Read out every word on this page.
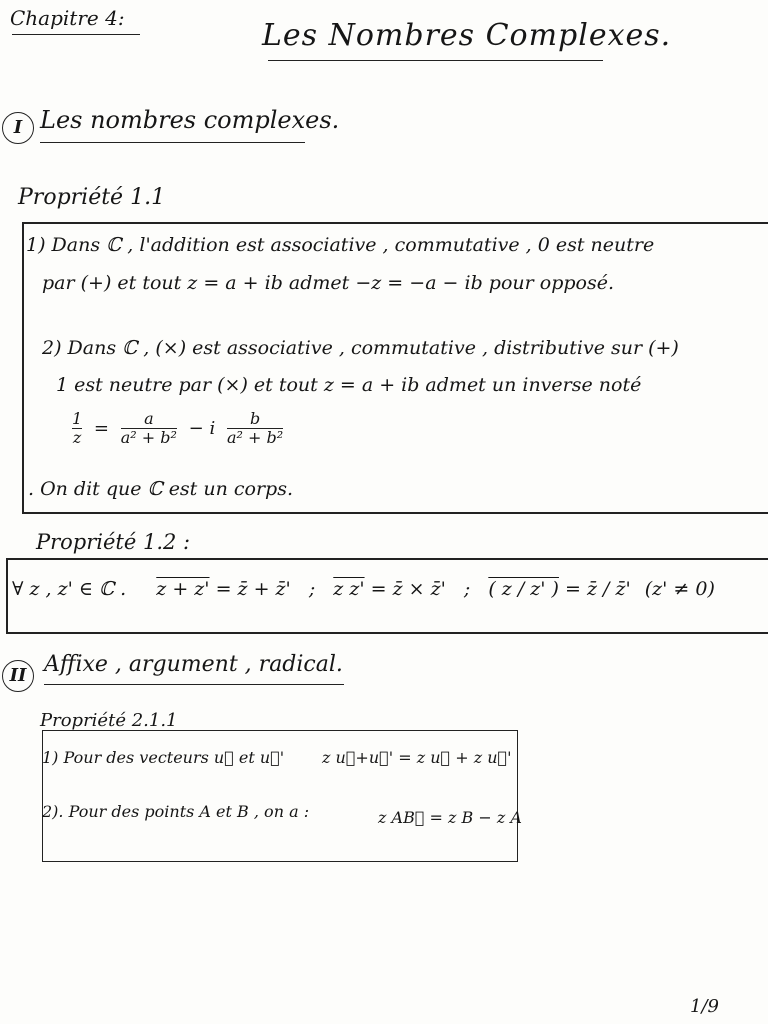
Chapitre 4:	Les Nombres Complexes.
I Les nombres complexes.
Propriété 1.1
1) Dans ℂ , l'addition est associative , commutative , 0 est neutre
par (+) et tout z = a + ib admet −z = −a − ib pour opposé.
2) Dans ℂ , (×) est associative , commutative , distributive sur (+)
1 est neutre par (×) et tout z = a + ib admet un inverse noté
$\frac{1}{z} = \frac{a}{\text{a² + b²}} - i \frac{b}{\text{a² + b²}}$
. On dit que ℂ est un corps.
Propriété 1.2 :
∀ z , z' ∈ ℂ . z + z' = z̄ + z̄' ; z z' = z̄ × z̄' ; ( z / z' ) = z̄ / z̄' (z' ≠ 0)
II Affixe , argument , radical.
Propriété 2.1.1
1) Pour des vecteurs u⃗ et u⃗' z u⃗+u⃗' = z u⃗ + z u⃗'
2). Pour des points A et B , on a :	z AB⃗ = z B − z A
1/9
